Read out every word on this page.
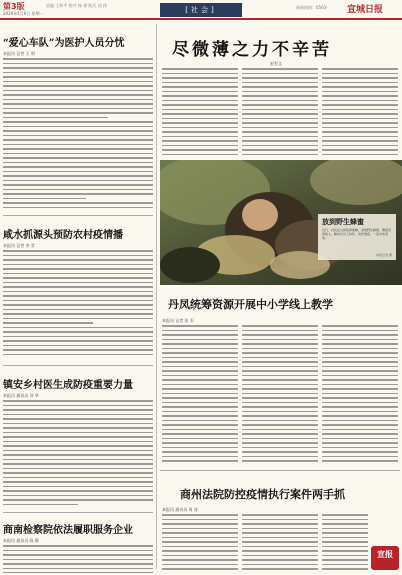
第3版
2020年4月6日 星期一
责编 王和平 校对 杨 勇 版式 郭 伟
[社会]	新闻热线：0563- 宣城日报
“爱心车队”为医护人员分忧
本报讯 记者 王 明	尽微薄之力不辛苦
赵有文
放到野生蜂蜜
近日，村民在山间放养蜜蜂，采收野生蜂蜜，增加家庭收入。蜂农们分工协作，动作熟练，一派丰收景象。
本报记者 摄
咸水抓源头预防农村疫情播
本报讯 记者 李 青
丹凤统筹资源开展中小学线上教学
本报讯 记者 张 军
镇安乡村医生成防疫重要力量
本报讯 通讯员 刘 华
商州法院防控疫情执行案件两手抓
本报讯 通讯员 周 涛
商南检察院依法履职服务企业
本报讯 通讯员 陈 静
宣报
